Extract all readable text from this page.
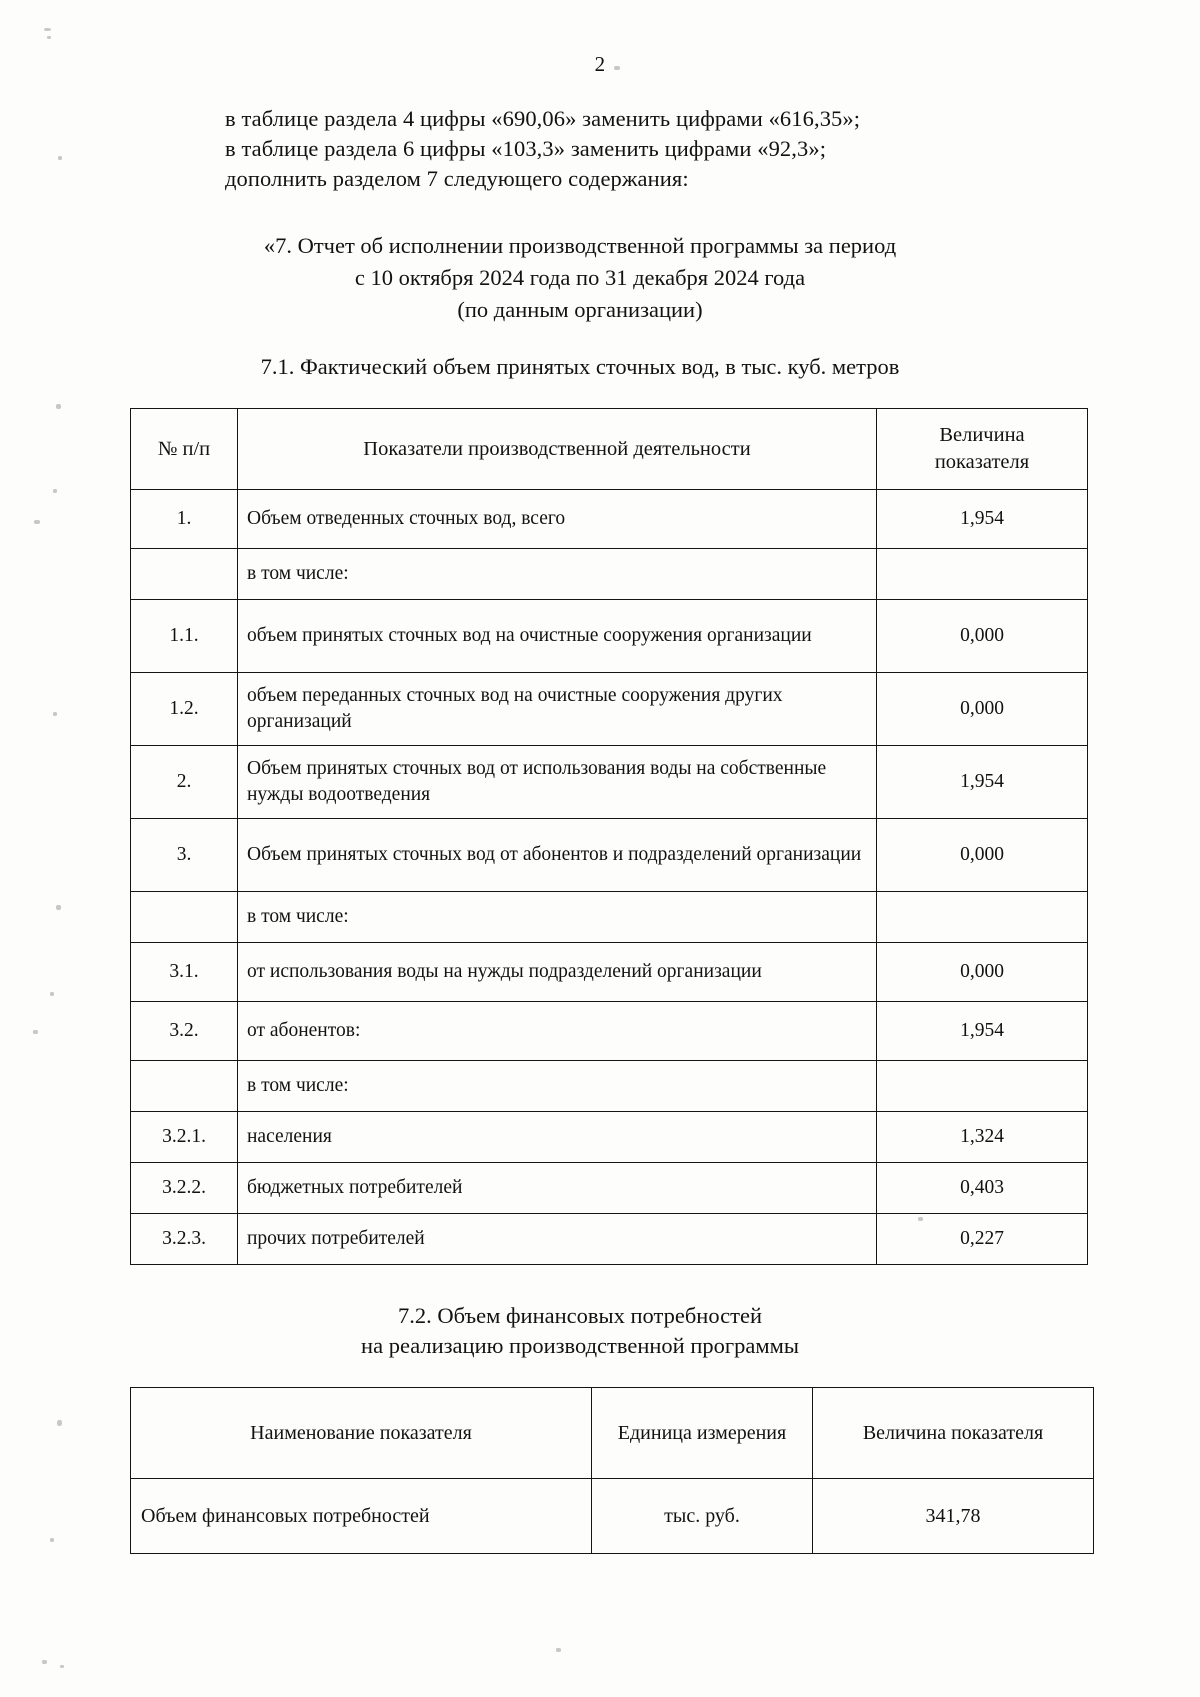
2

в таблице раздела 4 цифры «690,06» заменить цифрами «616,35»;

в таблице раздела 6 цифры «103,3» заменить цифрами «92,3»;

дополнить разделом 7 следующего содержания:

«7. Отчет об исполнении производственной программы за период
с 10 октября 2024 года по 31 декабря 2024 года
(по данным организации)
7.1. Фактический объем принятых сточных вод, в тыс. куб. метров
№ п/п	Показатели производственной деятельности	Величина
показателя
1.	Объем отведенных сточных вод, всего	1,954
	в том числе:	
1.1.	объем принятых сточных вод на очистные сооружения организации	0,000
1.2.	объем переданных сточных вод на очистные сооружения других организаций	0,000
2.	Объем принятых сточных вод от использования воды на собственные нужды водоотведения	1,954
3.	Объем принятых сточных вод от абонентов и подразделений организации	0,000
	в том числе:	
3.1.	от использования воды на нужды подразделений организации	0,000
3.2.	от абонентов:	1,954
	в том числе:	
3.2.1.	населения	1,324
3.2.2.	бюджетных потребителей	0,403
3.2.3.	прочих потребителей	0,227
7.2. Объем финансовых потребностей
на реализацию производственной программы
Наименование показателя	Единица измерения	Величина показателя
Объем финансовых потребностей	тыс. руб.	341,78
